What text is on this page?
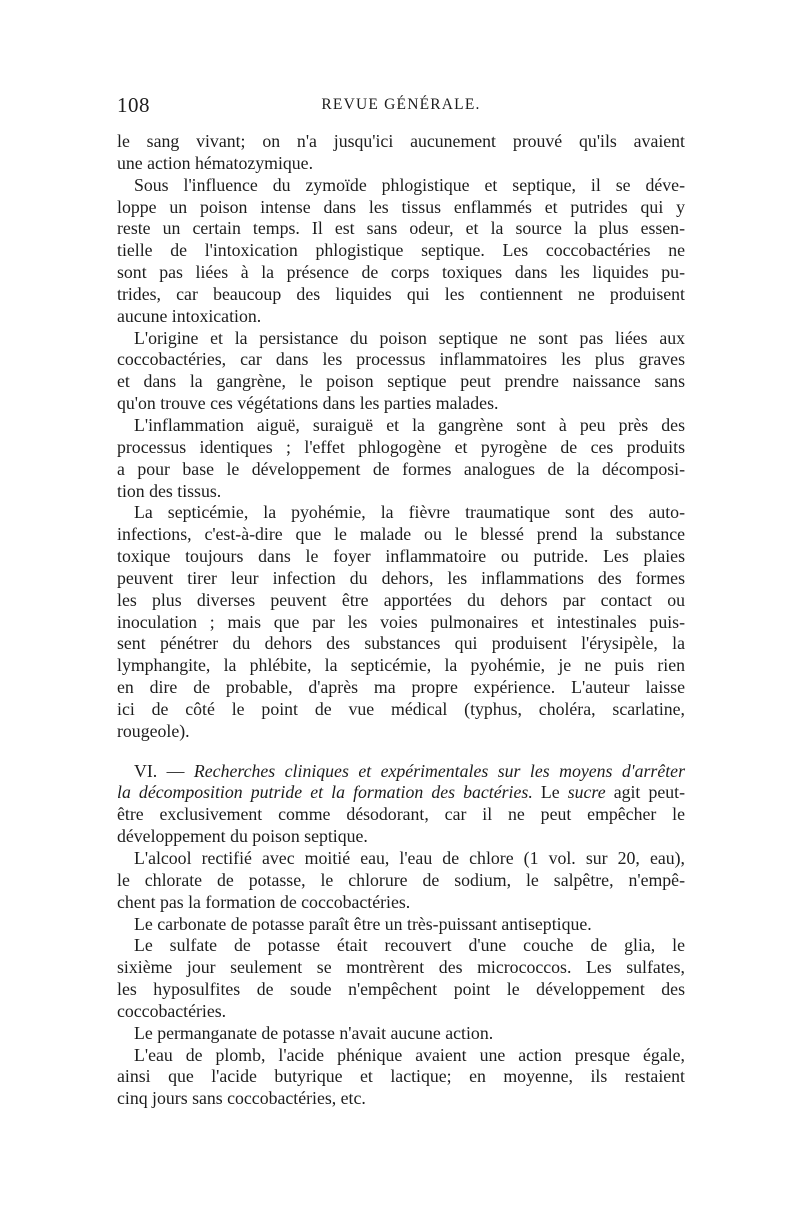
108	REVUE GÉNÉRALE.

le sang vivant; on n'a jusqu'ici aucunement prouvé qu'ils avaient
une action hématozymique.

Sous l'influence du zymoïde phlogistique et septique, il se déve-
loppe un poison intense dans les tissus enflammés et putrides qui y
reste un certain temps. Il est sans odeur, et la source la plus essen-
tielle de l'intoxication phlogistique septique. Les coccobactéries ne
sont pas liées à la présence de corps toxiques dans les liquides pu-
trides, car beaucoup des liquides qui les contiennent ne produisent
aucune intoxication.

L'origine et la persistance du poison septique ne sont pas liées aux
coccobactéries, car dans les processus inflammatoires les plus graves
et dans la gangrène, le poison septique peut prendre naissance sans
qu'on trouve ces végétations dans les parties malades.

L'inflammation aiguë, suraiguë et la gangrène sont à peu près des
processus identiques ; l'effet phlogogène et pyrogène de ces produits
a pour base le développement de formes analogues de la décomposi-
tion des tissus.

La septicémie, la pyohémie, la fièvre traumatique sont des auto-
infections, c'est-à-dire que le malade ou le blessé prend la substance
toxique toujours dans le foyer inflammatoire ou putride. Les plaies
peuvent tirer leur infection du dehors, les inflammations des formes
les plus diverses peuvent être apportées du dehors par contact ou
inoculation ; mais que par les voies pulmonaires et intestinales puis-
sent pénétrer du dehors des substances qui produisent l'érysipèle, la
lymphangite, la phlébite, la septicémie, la pyohémie, je ne puis rien
en dire de probable, d'après ma propre expérience. L'auteur laisse
ici de côté le point de vue médical (typhus, choléra, scarlatine,
rougeole).

VI. — Recherches cliniques et expérimentales sur les moyens d'arrêter
la décomposition putride et la formation des bactéries. Le sucre agit peut-
être exclusivement comme désodorant, car il ne peut empêcher le
développement du poison septique.

L'alcool rectifié avec moitié eau, l'eau de chlore (1 vol. sur 20, eau),
le chlorate de potasse, le chlorure de sodium, le salpêtre, n'empê-
chent pas la formation de coccobactéries.

Le carbonate de potasse paraît être un très-puissant antiseptique.

Le sulfate de potasse était recouvert d'une couche de glia, le
sixième jour seulement se montrèrent des micrococcos. Les sulfates,
les hyposulfites de soude n'empêchent point le développement des
coccobactéries.

Le permanganate de potasse n'avait aucune action.

L'eau de plomb, l'acide phénique avaient une action presque égale,
ainsi que l'acide butyrique et lactique; en moyenne, ils restaient
cinq jours sans coccobactéries, etc.
